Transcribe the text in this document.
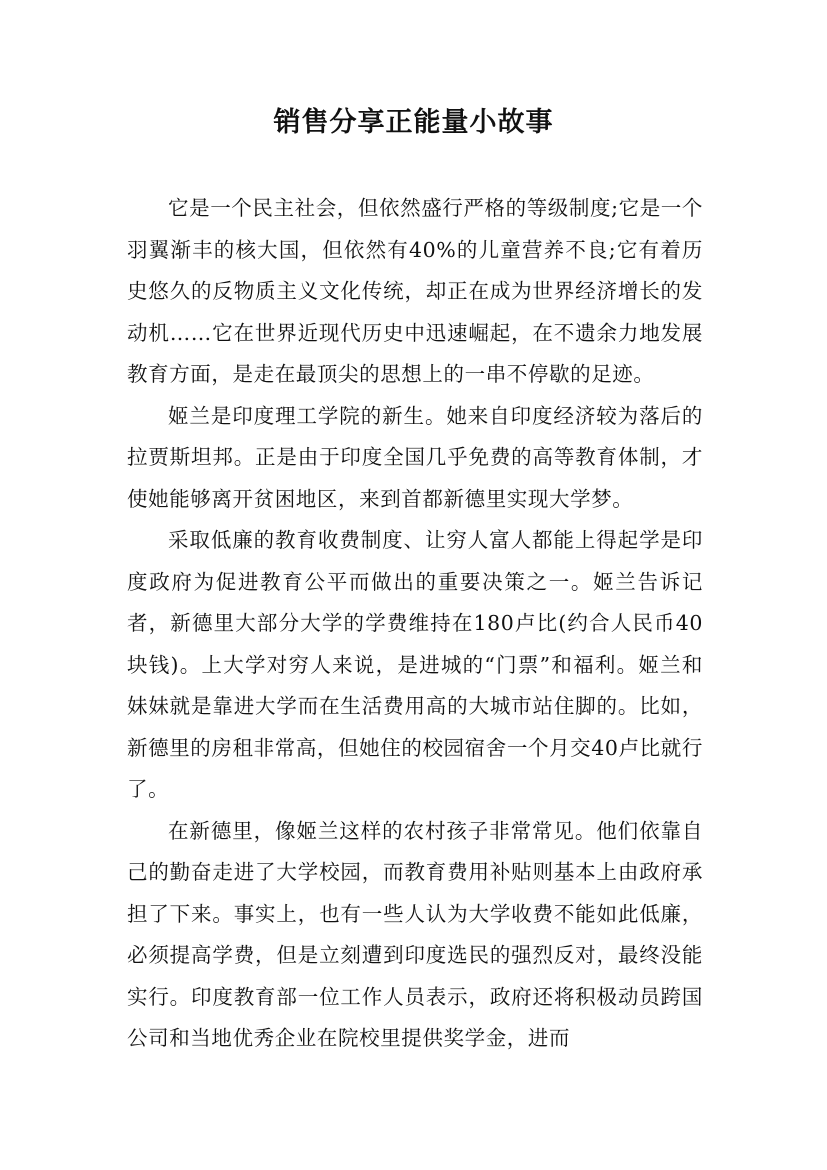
销售分享正能量小故事

它是一个民主社会，但依然盛行严格的等级制度;它是一个羽翼渐丰的核大国，但依然有40%的儿童营养不良;它有着历史悠久的反物质主义文化传统，却正在成为世界经济增长的发动机……它在世界近现代历史中迅速崛起，在不遗余力地发展教育方面，是走在最顶尖的思想上的一串不停歇的足迹。

姬兰是印度理工学院的新生。她来自印度经济较为落后的拉贾斯坦邦。正是由于印度全国几乎免费的高等教育体制，才使她能够离开贫困地区，来到首都新德里实现大学梦。

采取低廉的教育收费制度、让穷人富人都能上得起学是印度政府为促进教育公平而做出的重要决策之一。姬兰告诉记者，新德里大部分大学的学费维持在180卢比(约合人民币40块钱)。上大学对穷人来说，是进城的“门票”和福利。姬兰和妹妹就是靠进大学而在生活费用高的大城市站住脚的。比如，新德里的房租非常高，但她住的校园宿舍一个月交40卢比就行了。

在新德里，像姬兰这样的农村孩子非常常见。他们依靠自己的勤奋走进了大学校园，而教育费用补贴则基本上由政府承担了下来。事实上，也有一些人认为大学收费不能如此低廉，必须提高学费，但是立刻遭到印度选民的强烈反对，最终没能实行。印度教育部一位工作人员表示，政府还将积极动员跨国公司和当地优秀企业在院校里提供奖学金，进而
